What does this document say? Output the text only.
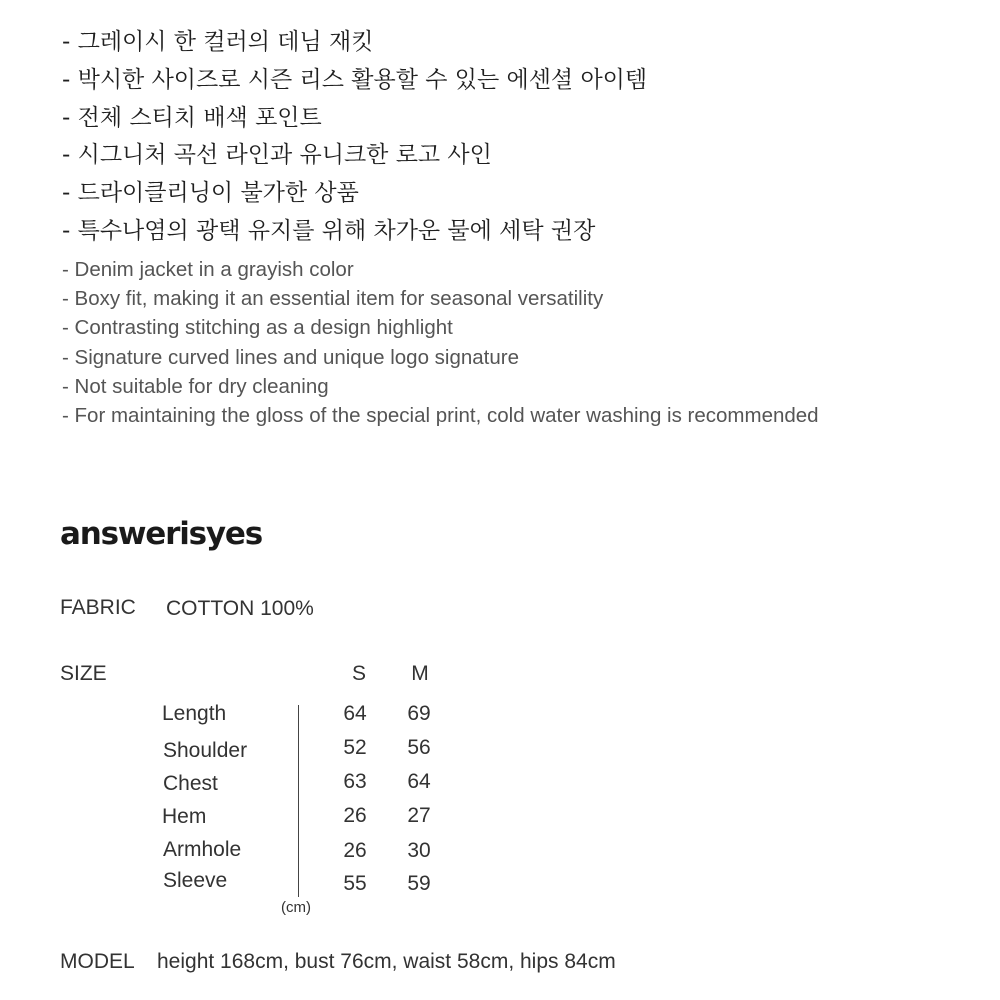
- 그레이시 한 컬러의 데님 재킷
- 박시한 사이즈로 시즌 리스 활용할 수 있는 에센셜 아이템
- 전체 스티치 배색 포인트
- 시그니처 곡선 라인과 유니크한 로고 사인
- 드라이클리닝이 불가한 상품
- 특수나염의 광택 유지를 위해 차가운 물에 세탁 권장
- Denim jacket in a grayish color
- Boxy fit, making it an essential item for seasonal versatility
- Contrasting stitching as a design highlight
- Signature curved lines and unique logo signature
- Not suitable for dry cleaning
- For maintaining the gloss of the special print, cold water washing is recommended
answerisyes
FABRIC COTTON 100%
SIZE	S	M
Length	64	69
Shoulder	52	56
Chest	63	64
Hem	26	27
Armhole	26	30
Sleeve	55	59
(cm)
MODEL height 168cm, bust 76cm, waist 58cm, hips 84cm
